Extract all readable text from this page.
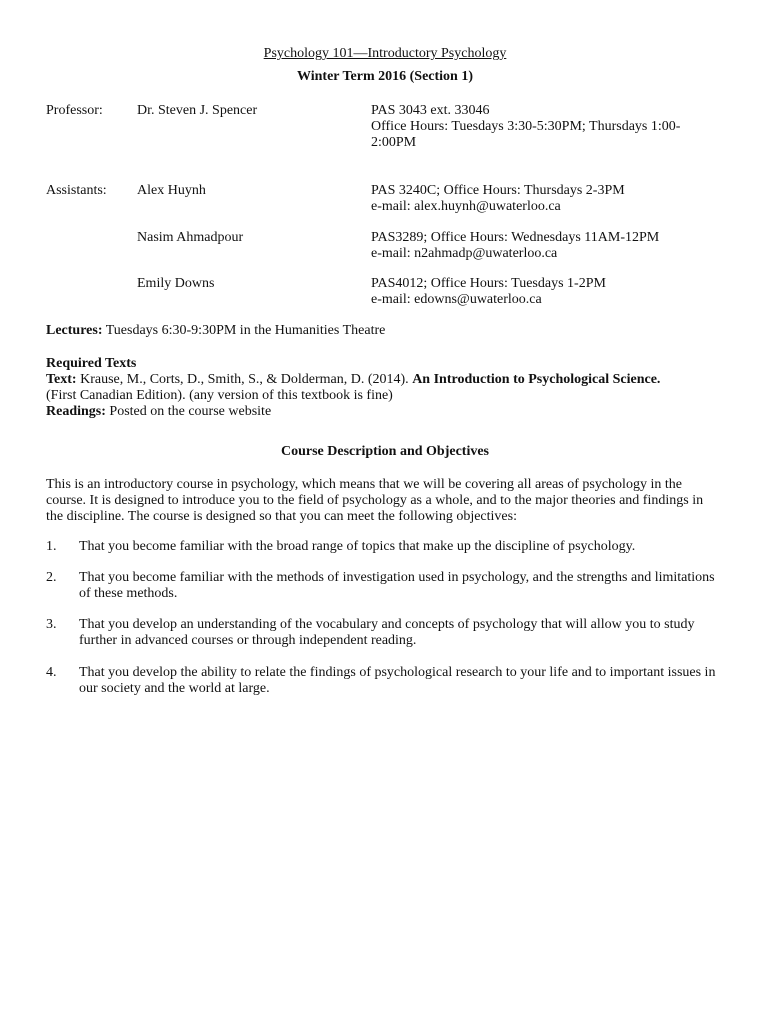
Psychology 101—Introductory Psychology
Winter Term 2016 (Section 1)
Professor: Dr. Steven J. Spencer	PAS 3043 ext. 33046
Office Hours: Tuesdays 3:30-5:30PM; Thursdays 1:00-2:00PM
Assistants: Alex Huynh	PAS 3240C; Office Hours: Thursdays 2-3PM
e-mail: alex.huynh@uwaterloo.ca
Nasim Ahmadpour	PAS3289; Office Hours: Wednesdays 11AM-12PM
e-mail: n2ahmadp@uwaterloo.ca
Emily Downs	PAS4012; Office Hours: Tuesdays 1-2PM
e-mail: edowns@uwaterloo.ca
Lectures: Tuesdays 6:30-9:30PM in the Humanities Theatre
Required Texts
Text: Krause, M., Corts, D., Smith, S., & Dolderman, D. (2014). An Introduction to Psychological Science.
(First Canadian Edition). (any version of this textbook is fine)
Readings: Posted on the course website
Course Description and Objectives
This is an introductory course in psychology, which means that we will be covering all areas of psychology in the course. It is designed to introduce you to the field of psychology as a whole, and to the major theories and findings in the discipline. The course is designed so that you can meet the following objectives:
1. That you become familiar with the broad range of topics that make up the discipline of psychology.
2. That you become familiar with the methods of investigation used in psychology, and the strengths and limitations of these methods.
3. That you develop an understanding of the vocabulary and concepts of psychology that will allow you to study further in advanced courses or through independent reading.
4. That you develop the ability to relate the findings of psychological research to your life and to important issues in our society and the world at large.
